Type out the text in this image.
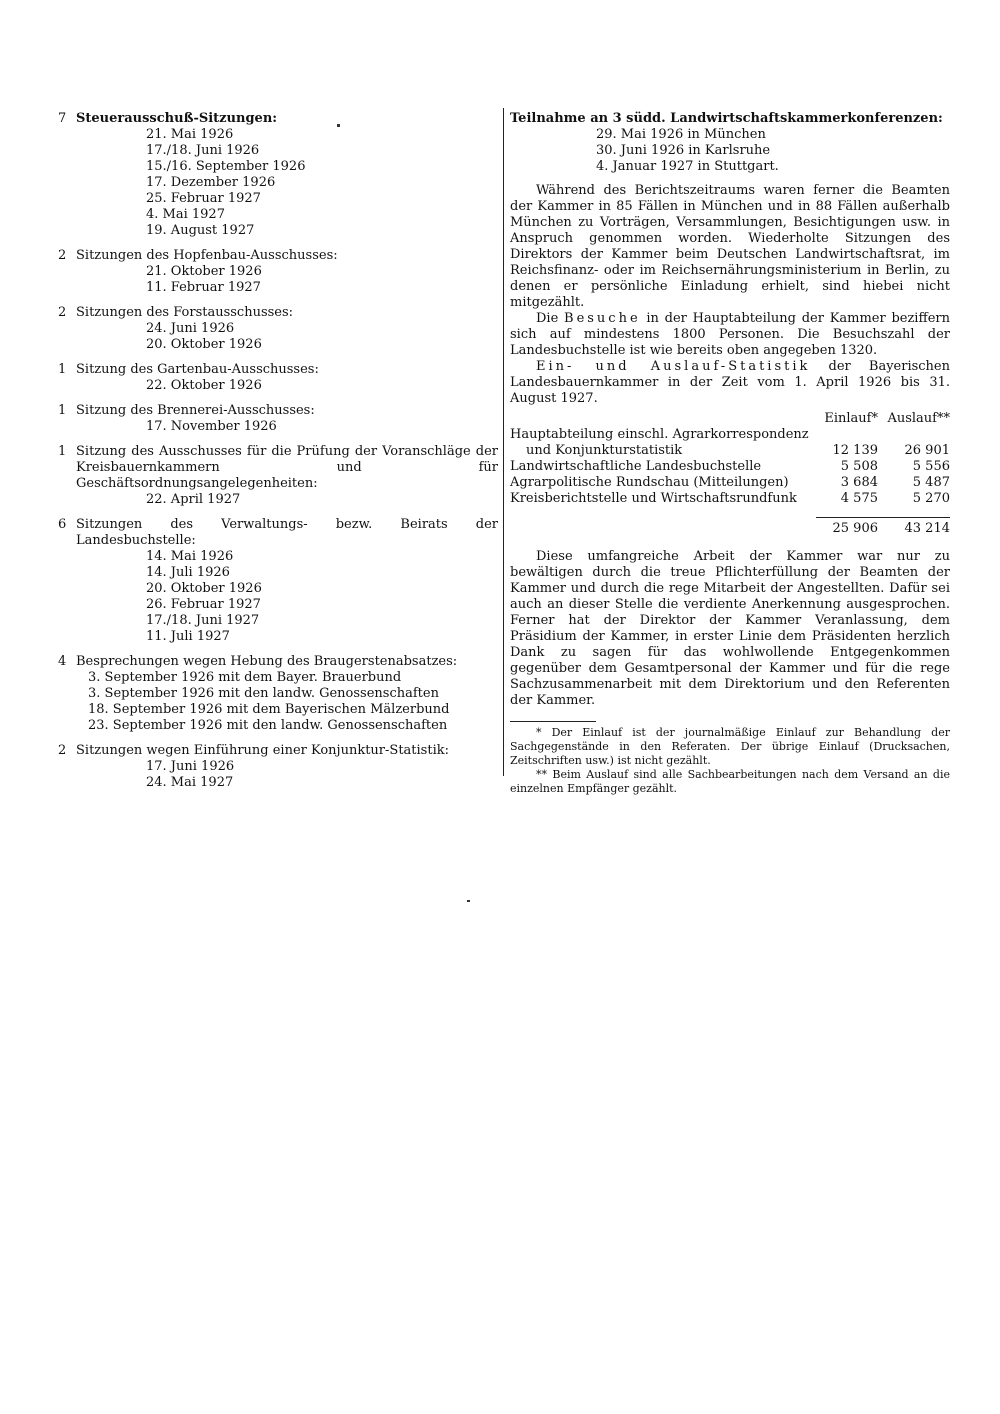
7 Steuerausschuß-Sitzungen:
21. Mai 1926
17./18. Juni 1926
15./16. September 1926
17. Dezember 1926
25. Februar 1927
4. Mai 1927
19. August 1927
2 Sitzungen des Hopfenbau-Ausschusses:
21. Oktober 1926
11. Februar 1927
2 Sitzungen des Forstausschusses:
24. Juni 1926
20. Oktober 1926
1 Sitzung des Gartenbau-Ausschusses:
22. Oktober 1926
1 Sitzung des Brennerei-Ausschusses:
17. November 1926
1 Sitzung des Ausschusses für die Prüfung der Voranschläge der Kreisbauernkammern und für Geschäftsordnungsangelegenheiten:
22. April 1927
6 Sitzungen des Verwaltungs- bezw. Beirats der Landesbuchstelle:
14. Mai 1926
14. Juli 1926
20. Oktober 1926
26. Februar 1927
17./18. Juni 1927
11. Juli 1927
4 Besprechungen wegen Hebung des Braugerstenabsatzes:
3. September 1926 mit dem Bayer. Brauerbund
3. September 1926 mit den landw. Genossenschaften
18. September 1926 mit dem Bayerischen Mälzerbund
23. September 1926 mit den landw. Genossenschaften
2 Sitzungen wegen Einführung einer Konjunktur-Statistik:
17. Juni 1926
24. Mai 1927
Teilnahme an 3 südd. Landwirtschaftskammerkonferenzen:
29. Mai 1926 in München
30. Juni 1926 in Karlsruhe
4. Januar 1927 in Stuttgart.

Während des Berichtszeitraums waren ferner die Beamten der Kammer in 85 Fällen in München und in 88 Fällen außerhalb München zu Vorträgen, Versammlungen, Besichtigungen usw. in Anspruch genommen worden. Wiederholte Sitzungen des Direktors der Kammer beim Deutschen Landwirtschaftsrat, im Reichsfinanz- oder im Reichsernährungsministerium in Berlin, zu denen er persönliche Einladung erhielt, sind hiebei nicht mitgezählt.

Die Besuche in der Hauptabteilung der Kammer beziffern sich auf mindestens 1800 Personen. Die Besuchszahl der Landesbuchstelle ist wie bereits oben angegeben 1320.

Ein- und Auslauf-Statistik der Bayerischen Landesbauernkammer in der Zeit vom 1. April 1926 bis 31. August 1927.

Einlauf* Auslauf**
Hauptabteilung einschl. Agrarkorrespondenz
und Konjunkturstatistik	12 139	26 901
Landwirtschaftliche Landesbuchstelle	5 508	5 556
Agrarpolitische Rundschau (Mitteilungen)	3 684	5 487
Kreisberichtstelle und Wirtschaftsrundfunk	4 575	5 270
25 906	43 214

Diese umfangreiche Arbeit der Kammer war nur zu bewältigen durch die treue Pflichterfüllung der Beamten der Kammer und durch die rege Mitarbeit der Angestellten. Dafür sei auch an dieser Stelle die verdiente Anerkennung ausgesprochen. Ferner hat der Direktor der Kammer Veranlassung, dem Präsidium der Kammer, in erster Linie dem Präsidenten herzlich Dank zu sagen für das wohlwollende Entgegenkommen gegenüber dem Gesamtpersonal der Kammer und für die rege Sachzusammenarbeit mit dem Direktorium und den Referenten der Kammer.

* Der Einlauf ist der journalmäßige Einlauf zur Behandlung der Sachgegenstände in den Referaten. Der übrige Einlauf (Drucksachen, Zeitschriften usw.) ist nicht gezählt.

** Beim Auslauf sind alle Sachbearbeitungen nach dem Versand an die einzelnen Empfänger gezählt.
